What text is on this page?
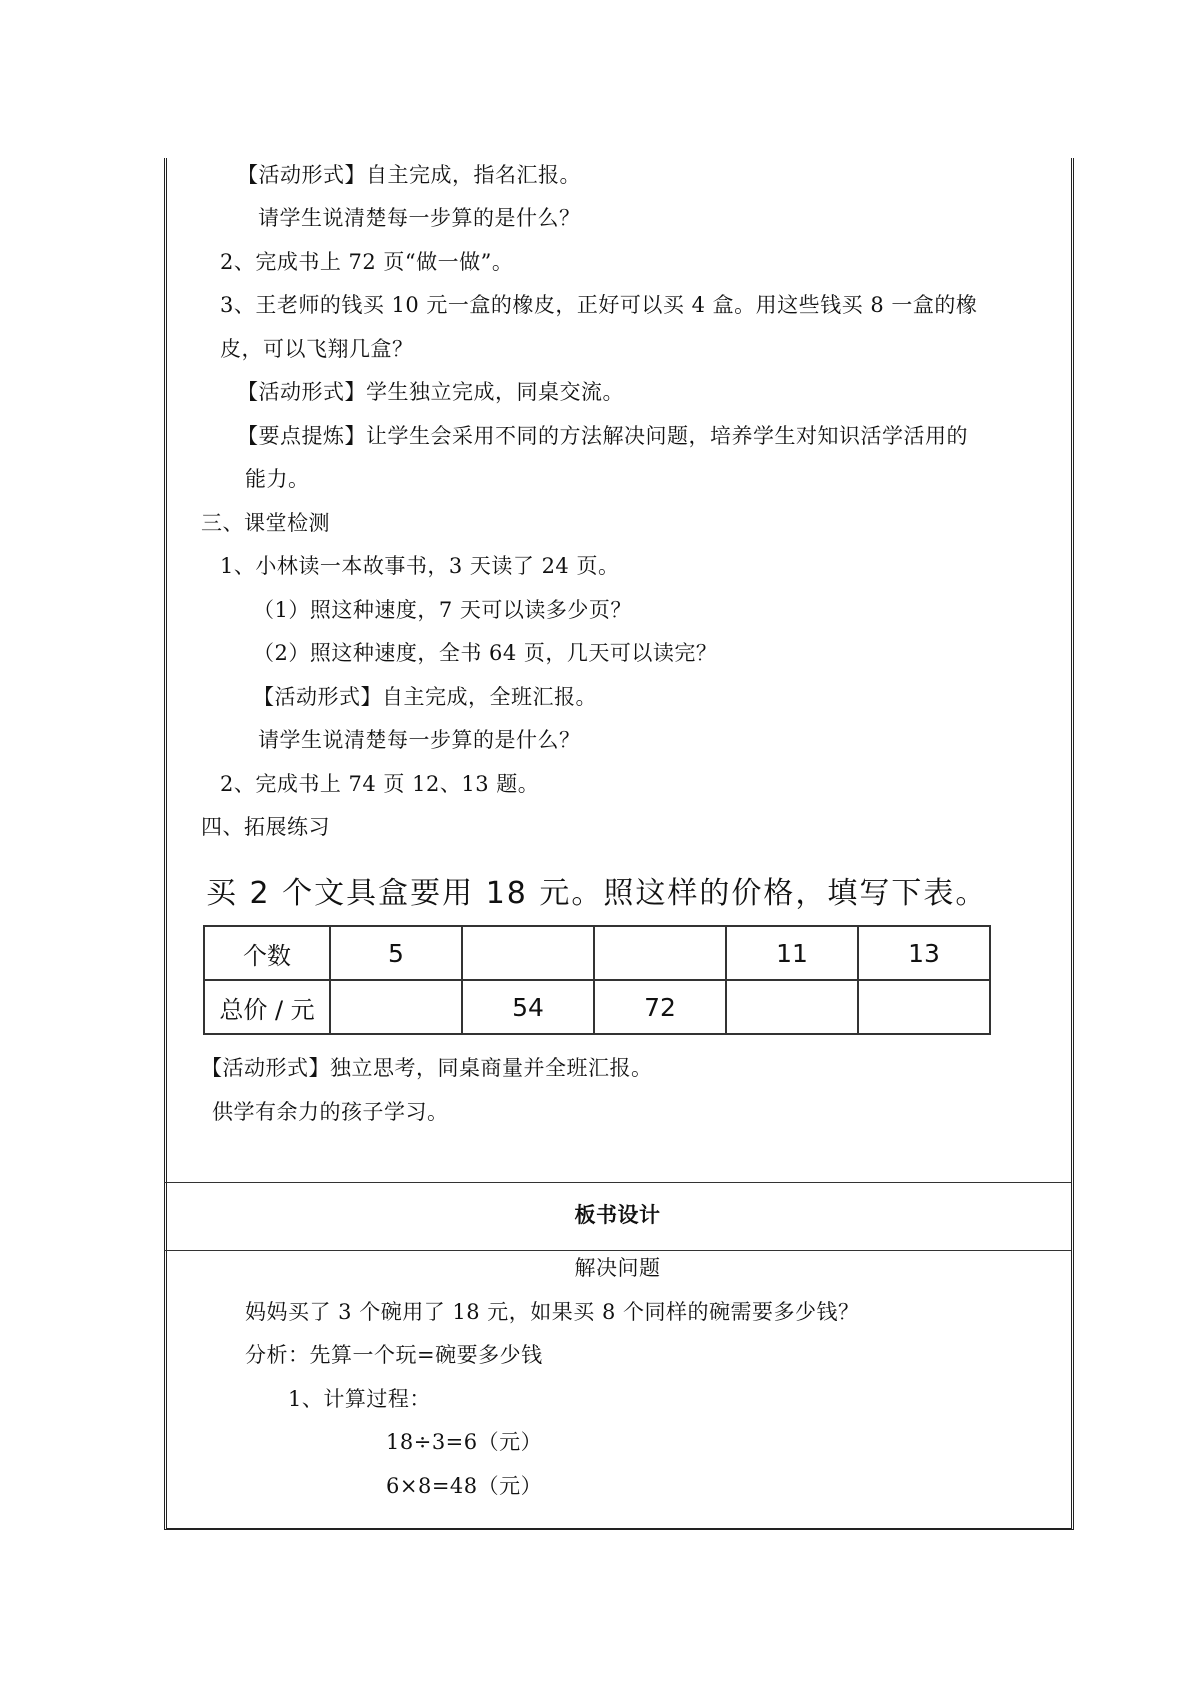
【活动形式】自主完成，指名汇报。
请学生说清楚每一步算的是什么？
2、完成书上 72 页“做一做”。
3、王老师的钱买 10 元一盒的橡皮，正好可以买 4 盒。用这些钱买 8 一盒的橡
皮，可以飞翔几盒？
【活动形式】学生独立完成，同桌交流。
【要点提炼】让学生会采用不同的方法解决问题，培养学生对知识活学活用的
能力。
三、课堂检测
1、小林读一本故事书，3 天读了 24 页。
（1）照这种速度，7 天可以读多少页？
（2）照这种速度，全书 64 页，几天可以读完？
【活动形式】自主完成，全班汇报。
请学生说清楚每一步算的是什么？
2、完成书上 74 页 12、13 题。
四、拓展练习
买 2 个文具盒要用 18 元。照这样的价格，填写下表。
个数	5			11	13
总价 / 元		54	72		
【活动形式】独立思考，同桌商量并全班汇报。
供学有余力的孩子学习。
板书设计
解决问题
妈妈买了 3 个碗用了 18 元，如果买 8 个同样的碗需要多少钱？
分析：先算一个玩=碗要多少钱
1、计算过程：
18÷3=6（元）
6×8=48（元）
